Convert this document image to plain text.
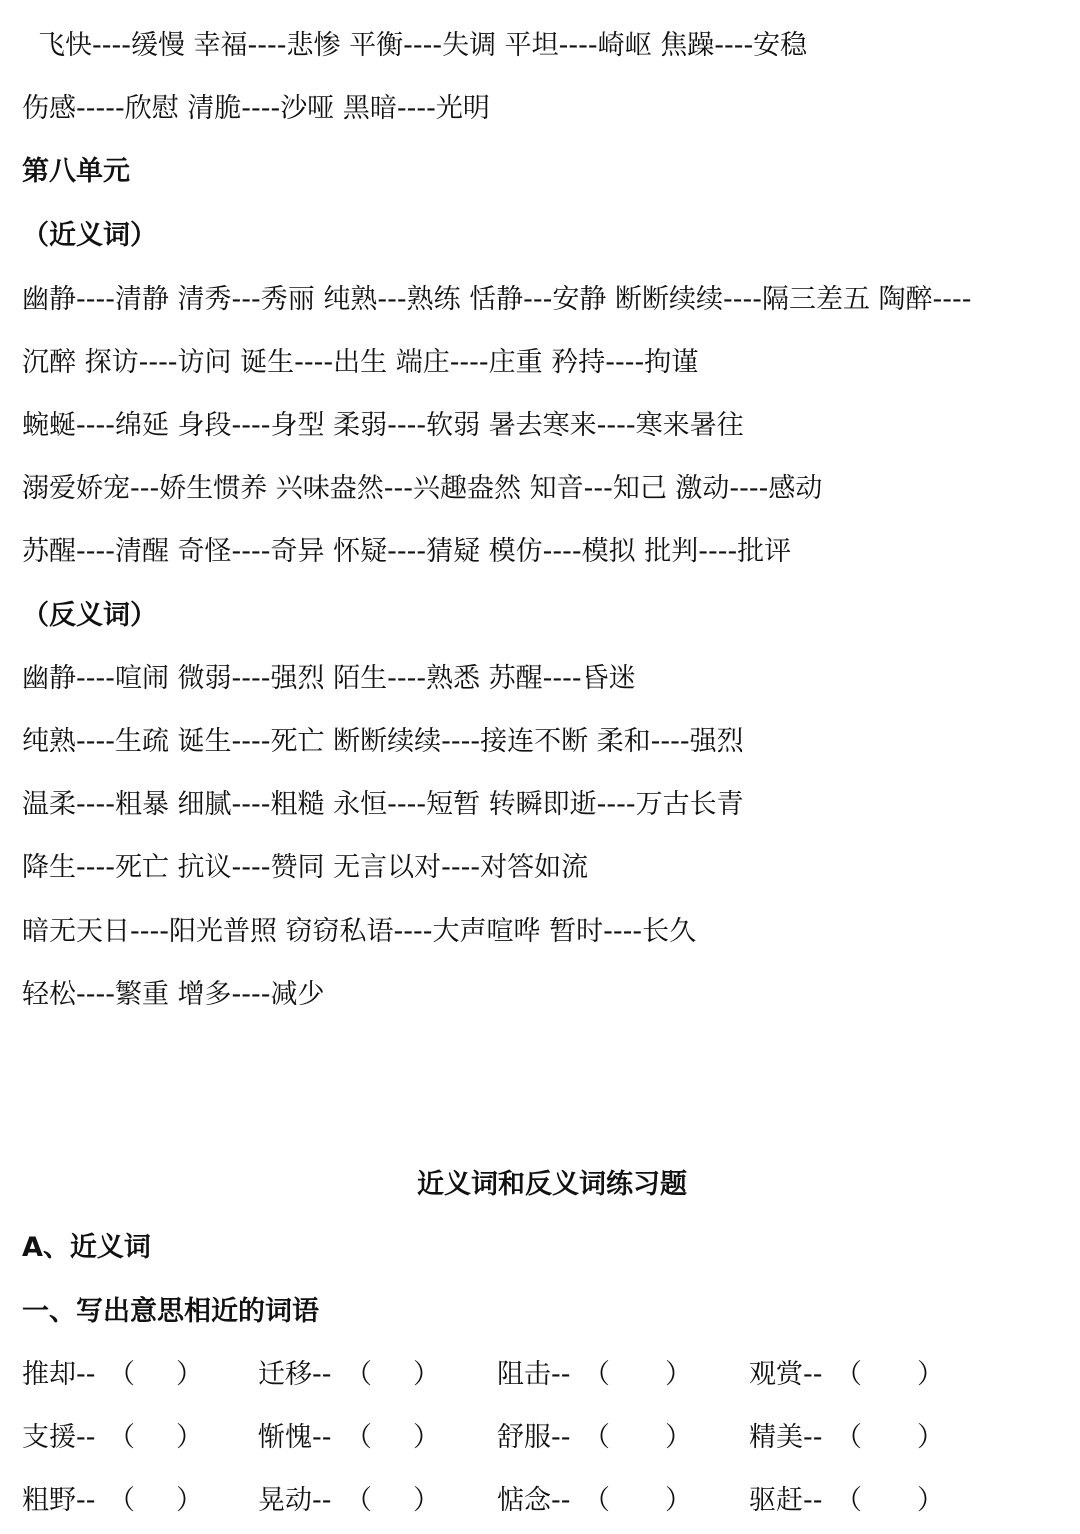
飞快----缓慢 幸福----悲惨 平衡----失调 平坦----崎岖 焦躁----安稳
伤感-----欣慰 清脆----沙哑 黑暗----光明
第八单元
（近义词）
幽静----清静 清秀---秀丽 纯熟---熟练 恬静---安静 断断续续----隔三差五 陶醉----
沉醉 探访----访问 诞生----出生 端庄----庄重 矜持----拘谨
蜿蜒----绵延 身段----身型 柔弱----软弱 暑去寒来----寒来暑往
溺爱娇宠---娇生惯养 兴味盎然---兴趣盎然 知音---知己 激动----感动
苏醒----清醒 奇怪----奇异 怀疑----猜疑 模仿----模拟 批判----批评
（反义词）
幽静----喧闹 微弱----强烈 陌生----熟悉 苏醒----昏迷
纯熟----生疏 诞生----死亡 断断续续----接连不断 柔和----强烈
温柔----粗暴 细腻----粗糙 永恒----短暂 转瞬即逝----万古长青
降生----死亡 抗议----赞同 无言以对----对答如流
暗无天日----阳光普照 窃窃私语----大声喧哗 暂时----长久
轻松----繁重 增多----减少
近义词和反义词练习题
A、近义词
一、写出意思相近的词语
推却-- （ ） 迁移-- （ ） 阻击-- （ ） 观赏-- （ ）
支援-- （ ） 惭愧-- （ ） 舒服-- （ ） 精美-- （ ）
粗野-- （ ） 晃动-- （ ） 惦念-- （ ） 驱赶-- （ ）
